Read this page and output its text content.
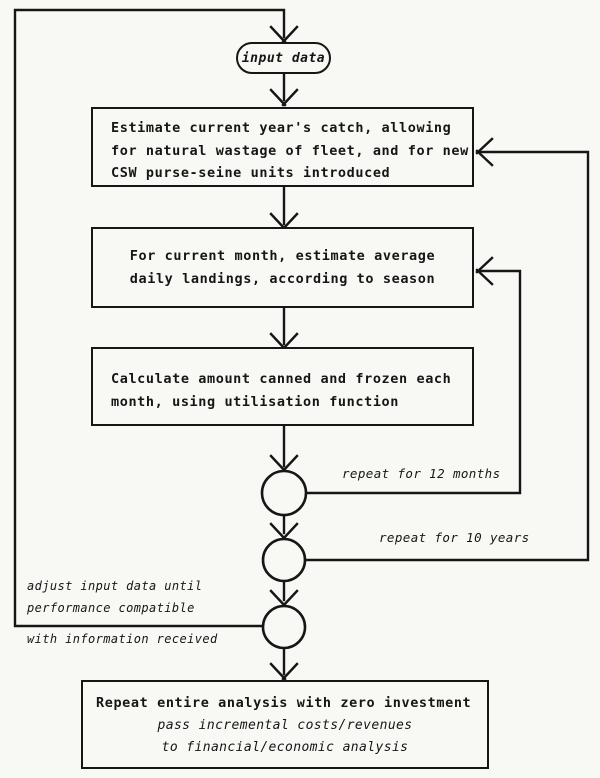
input data
Estimate current year's catch, allowing
for natural wastage of fleet, and for new
CSW purse-seine units introduced
For current month, estimate average
daily landings, according to season
Calculate amount canned and frozen each
month, using utilisation function
Repeat entire analysis with zero investment
pass incremental costs/revenues
to financial/economic analysis
repeat for 12 months
repeat for 10 years
adjust input data until
performance compatible
with information received
